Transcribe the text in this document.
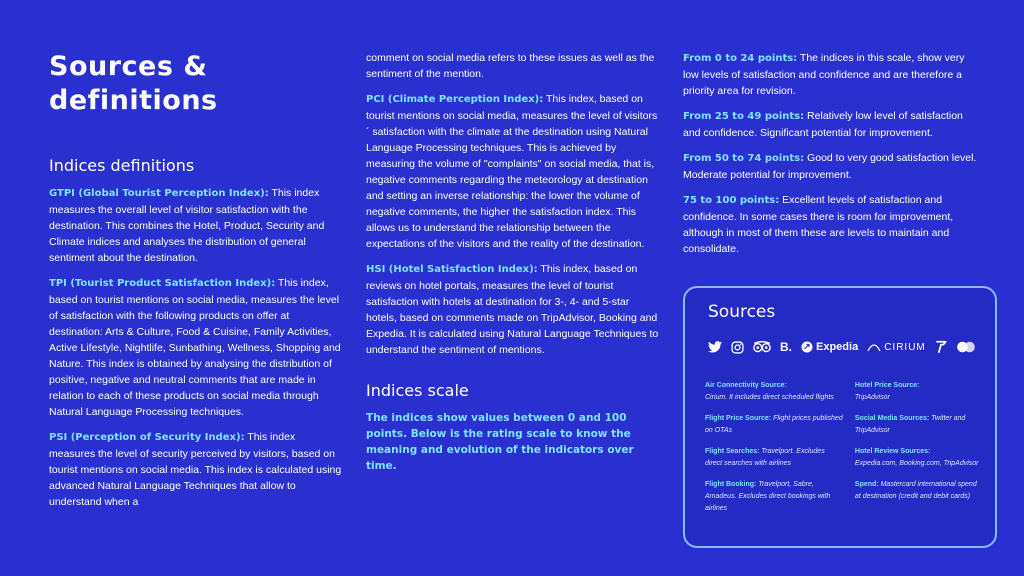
Sources &
definitions
Indices definitions

GTPI (Global Tourist Perception Index): This index measures the overall level of visitor satisfaction with the destination. This combines the Hotel, Product, Security and Climate indices and analyses the distribution of general sentiment about the destination.

TPI (Tourist Product Satisfaction Index): This index, based on tourist mentions on social media, measures the level of satisfaction with the following products on offer at destination: Arts & Culture, Food & Cuisine, Family Activities, Active Lifestyle, Nightlife, Sunbathing, Wellness, Shopping and Nature. This index is obtained by analysing the distribution of positive, negative and neutral comments that are made in relation to each of these products on social media through Natural Language Processing techniques.

PSI (Perception of Security Index): This index measures the level of security perceived by visitors, based on tourist mentions on social media. This index is calculated using advanced Natural Language Techniques that allow to understand when a

comment on social media refers to these issues as well as the sentiment of the mention.

PCI (Climate Perception Index): This index, based on tourist mentions on social media, measures the level of visitors´ satisfaction with the climate at the destination using Natural Language Processing techniques. This is achieved by measuring the volume of "complaints" on social media, that is, negative comments regarding the meteorology at destination and setting an inverse relationship: the lower the volume of negative comments, the higher the satisfaction index. This allows us to understand the relationship between the expectations of the visitors and the reality of the destination.

HSI (Hotel Satisfaction Index): This index, based on reviews on hotel portals, measures the level of tourist satisfaction with hotels at destination for 3-, 4- and 5-star hotels, based on comments made on TripAdvisor, Booking and Expedia. It is calculated using Natural Language Techniques to understand the sentiment of mentions.

Indices scale

The indices show values between 0 and 100 points. Below is the rating scale to know the meaning and evolution of the indicators over time.

From 0 to 24 points: The indices in this scale, show very low levels of satisfaction and confidence and are therefore a priority area for revision.

From 25 to 49 points: Relatively low level of satisfaction and confidence. Significant potential for improvement.

From 50 to 74 points: Good to very good satisfaction level. Moderate potential for improvement.

75 to 100 points: Excellent levels of satisfaction and confidence. In some cases there is room for improvement, although in most of them these are levels to maintain and consolidate.

Sources
B. Expedia	CIRIUM
Air Connectivity Source:
Cirium. It includes direct scheduled flights
Flight Price Source: Flight prices published on OTAs
Flight Searches: Travelport. Excludes direct searches with airlines
Flight Booking: Travelport, Sabre, Amadeus. Excludes direct bookings with airlines
Hotel Price Source:
TripAdvisor
Social Media Sources: Twitter and TripAdvisor
Hotel Review Sources:
Expedia.com, Booking.com, TripAdvisor
Spend: Mastercard international spend at destination (credit and debit cards)
